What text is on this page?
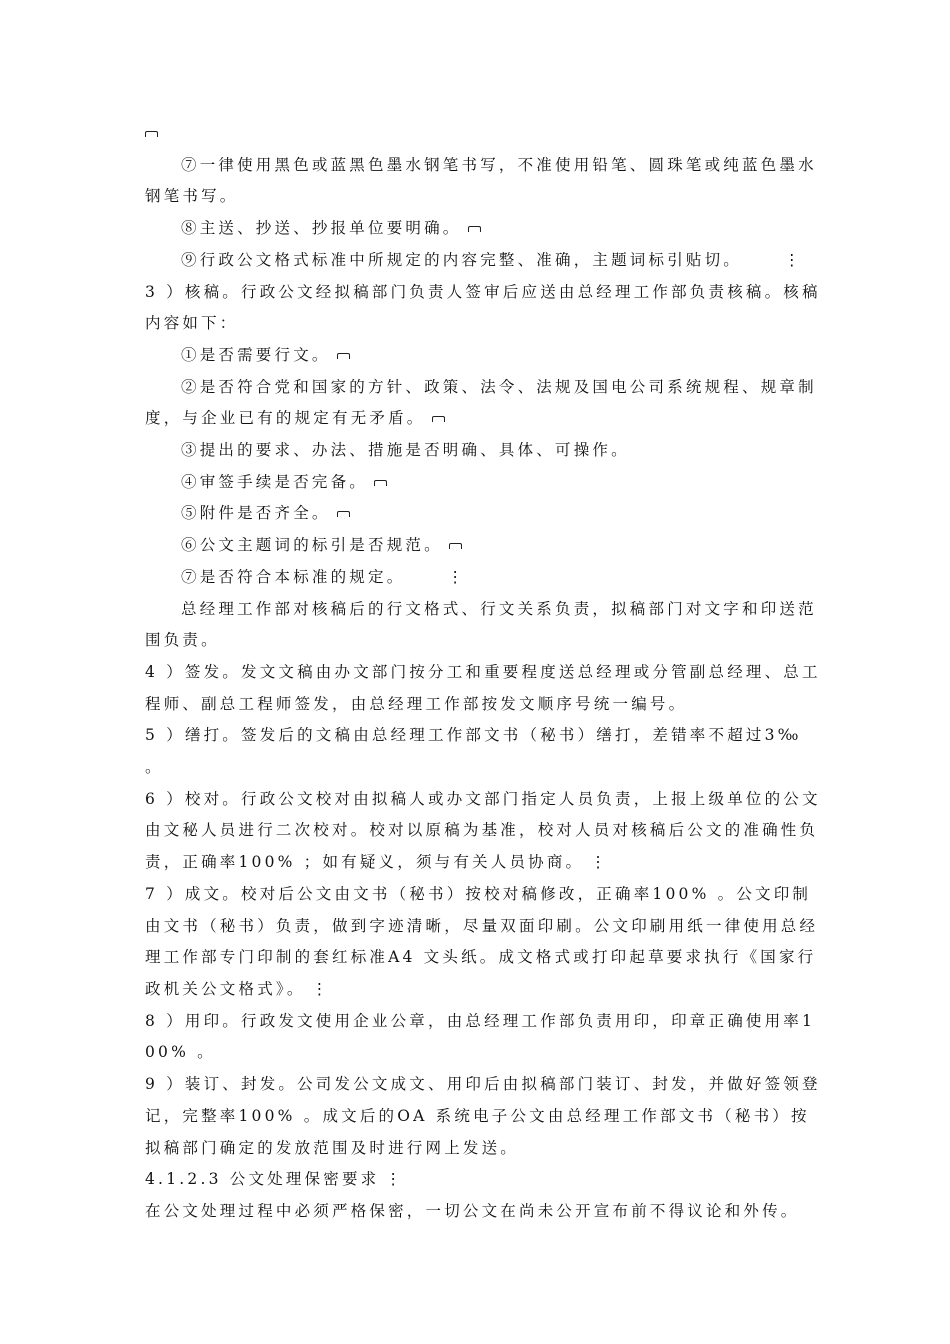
⑦一律使用黑色或蓝黑色墨水钢笔书写，不准使用铅笔、圆珠笔或纯蓝色墨水钢笔书写。

⑧主送、抄送、抄报单位要明确。

⑨行政公文格式标准中所规定的内容完整、准确，主题词标引贴切。	⋮

3 ）核稿。行政公文经拟稿部门负责人签审后应送由总经理工作部负责核稿。核稿内容如下：

①是否需要行文。

②是否符合党和国家的方针、政策、法令、法规及国电公司系统规程、规章制度，与企业已有的规定有无矛盾。

③提出的要求、办法、措施是否明确、具体、可操作。

④审签手续是否完备。

⑤附件是否齐全。

⑥公文主题词的标引是否规范。

⑦是否符合本标准的规定。	⋮

总经理工作部对核稿后的行文格式、行文关系负责，拟稿部门对文字和印送范围负责。

4 ）签发。发文文稿由办文部门按分工和重要程度送总经理或分管副总经理、总工程师、副总工程师签发，由总经理工作部按发文顺序号统一编号。

5 ）缮打。签发后的文稿由总经理工作部文书（秘书）缮打，差错率不超过3‰ 。

6 ）校对。行政公文校对由拟稿人或办文部门指定人员负责，上报上级单位的公文由文秘人员进行二次校对。校对以原稿为基准，校对人员对核稿后公文的准确性负责，正确率100% ；如有疑义，须与有关人员协商。 ⋮

7 ）成文。校对后公文由文书（秘书）按校对稿修改，正确率100% 。公文印制由文书（秘书）负责，做到字迹清晰，尽量双面印刷。公文印刷用纸一律使用总经理工作部专门印制的套红标准A4 文头纸。成文格式或打印起草要求执行《国家行政机关公文格式》。 ⋮

8 ）用印。行政发文使用企业公章，由总经理工作部负责用印，印章正确使用率100% 。

9 ）装订、封发。公司发公文成文、用印后由拟稿部门装订、封发，并做好签领登记，完整率100% 。成文后的OA 系统电子公文由总经理工作部文书（秘书）按拟稿部门确定的发放范围及时进行网上发送。

4.1.2.3 公文处理保密要求 ⋮

在公文处理过程中必须严格保密，一切公文在尚未公开宣布前不得议论和外传。
